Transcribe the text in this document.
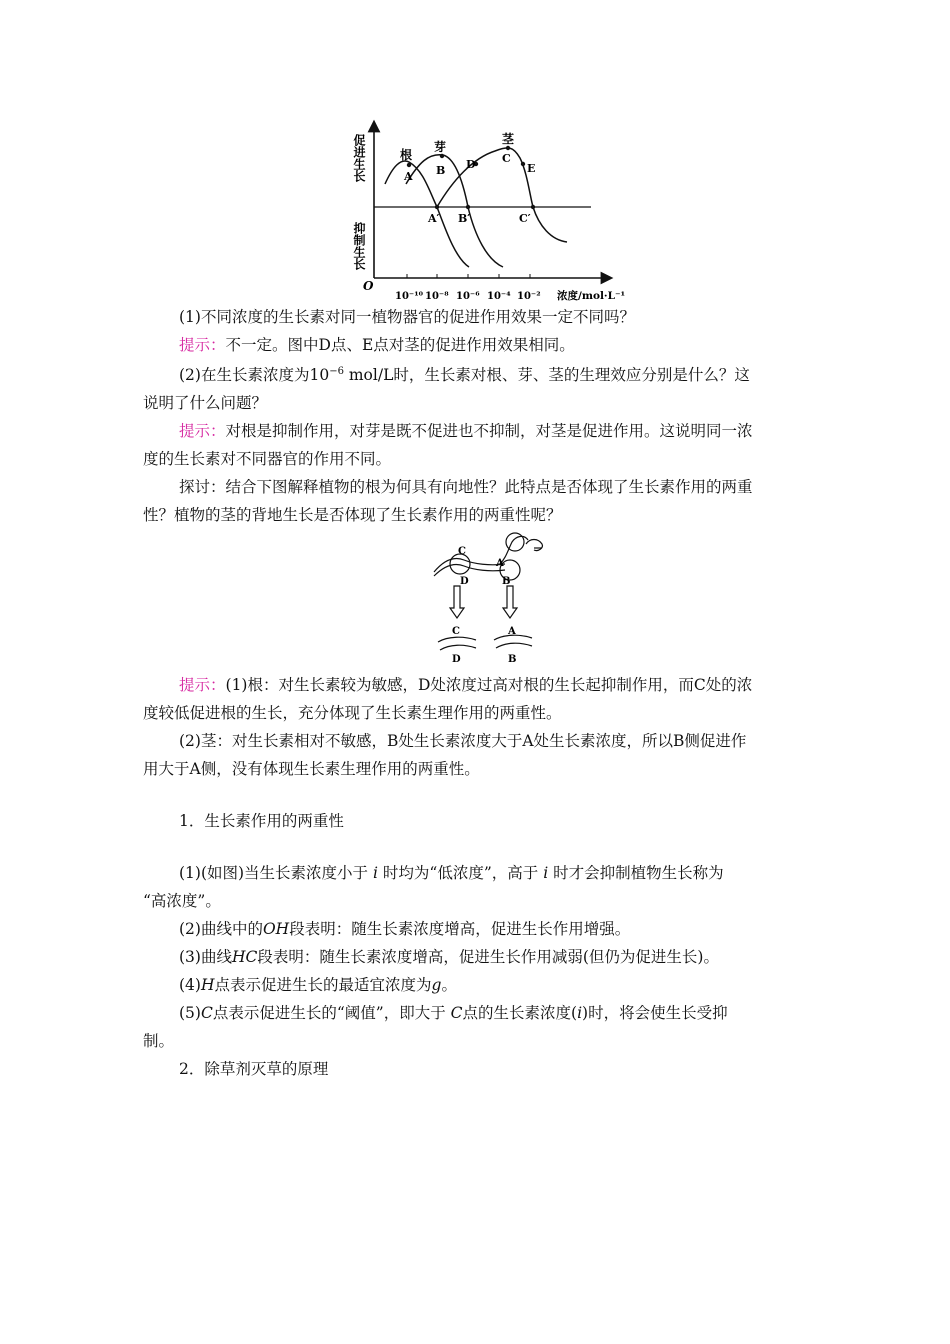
促进生长
抑制生长
O
10⁻¹⁰ 10⁻⁸ 10⁻⁶ 10⁻⁴ 10⁻² 浓度/mol·L⁻¹
根
芽
茎
A B D C
E
A′ B′	C′
(1)不同浓度的生长素对同一植物器官的促进作用效果一定不同吗？
提示：不一定。图中D点、E点对茎的促进作用效果相同。
(2)在生长素浓度为$10^{-6}$ mol/L时，生长素对根、芽、茎的生理效应分别是什么？这
说明了什么问题？
提示：对根是抑制作用，对芽是既不促进也不抑制，对茎是促进作用。这说明同一浓
度的生长素对不同器官的作用不同。
探讨：结合下图解释植物的根为何具有向地性？此特点是否体现了生长素作用的两重
性？植物的茎的背地生长是否体现了生长素作用的两重性呢？
C
D
A
B
C
D
A
B
提示：(1)根：对生长素较为敏感，D处浓度过高对根的生长起抑制作用，而C处的浓
度较低促进根的生长，充分体现了生长素生理作用的两重性。
(2)茎：对生长素相对不敏感，B处生长素浓度大于A处生长素浓度，所以B侧促进作
用大于A侧，没有体现生长素生理作用的两重性。
1．生长素作用的两重性
(1)(如图)当生长素浓度小于 i 时均为“低浓度”，高于 i 时才会抑制植物生长称为
“高浓度”。
(2)曲线中的OH段表明：随生长素浓度增高，促进生长作用增强。
(3)曲线HC段表明：随生长素浓度增高，促进生长作用减弱(但仍为促进生长)。
(4)H点表示促进生长的最适宜浓度为g。
(5)C点表示促进生长的“阈值”，即大于 C点的生长素浓度(i)时，将会使生长受抑
制。
2．除草剂灭草的原理
